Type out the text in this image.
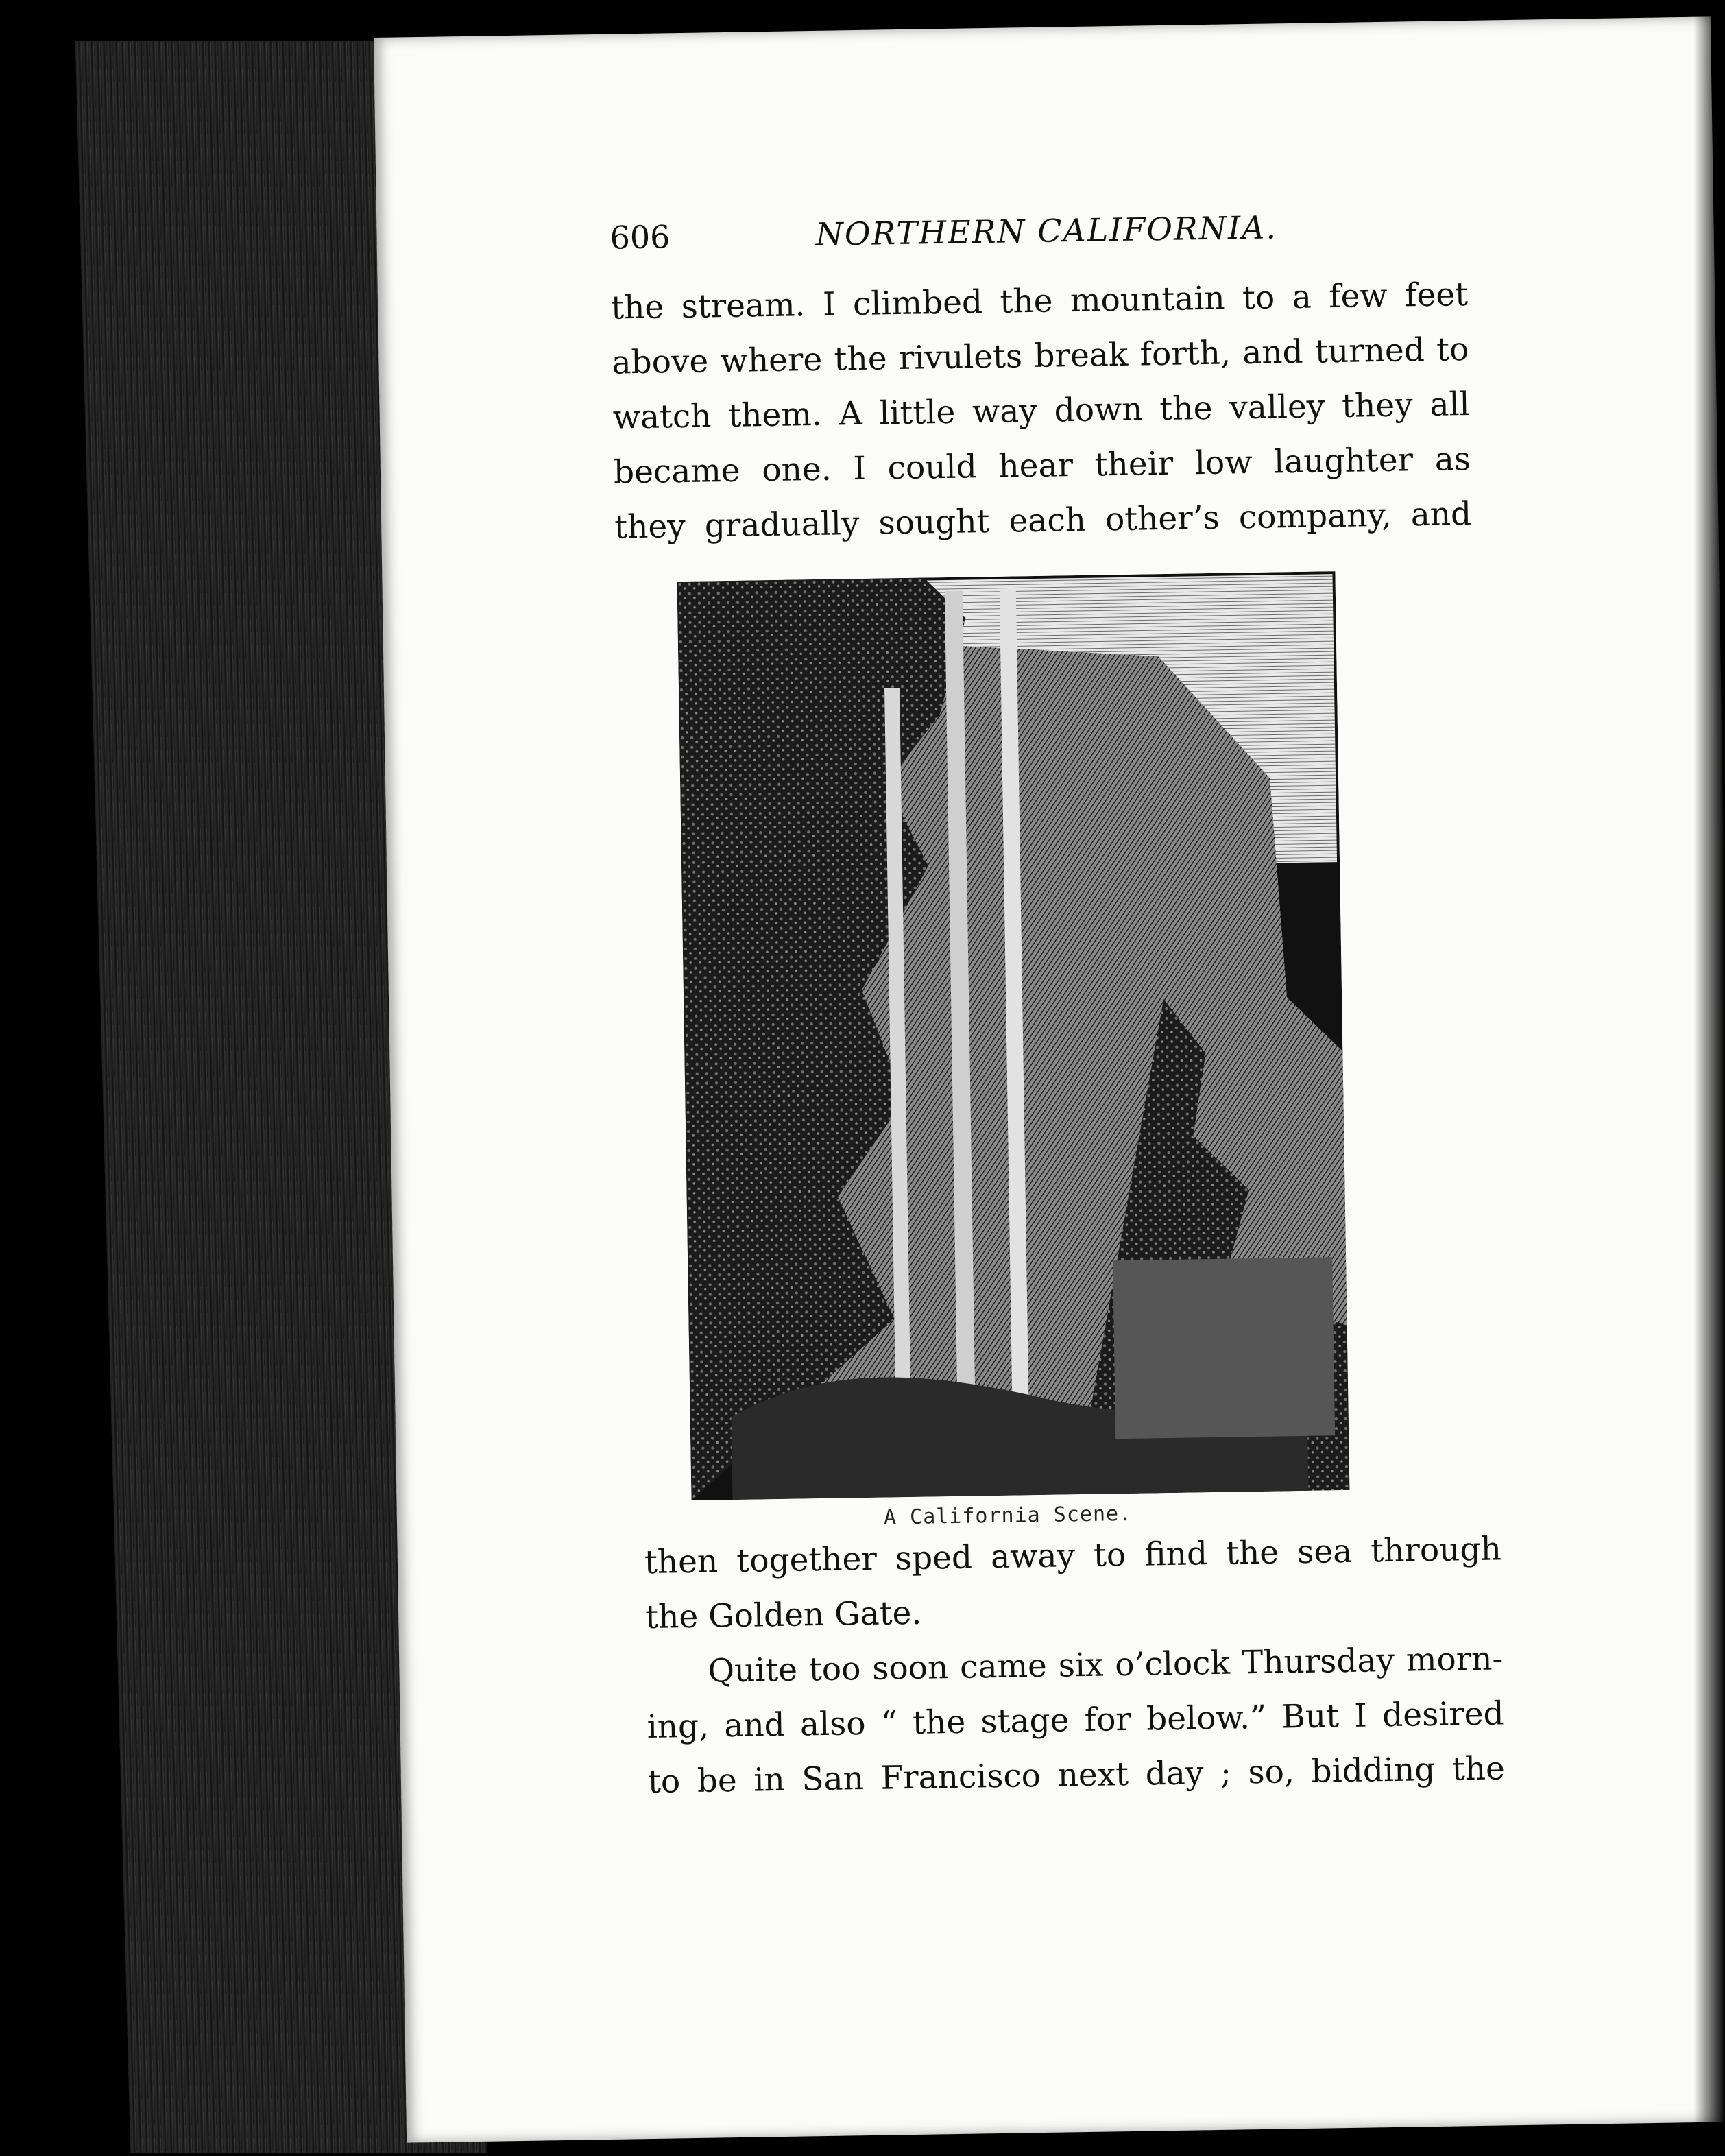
606	NORTHERN CALIFORNIA.
the stream. I climbed the mountain to a few feet
above where the rivulets break forth, and turned to
watch them. A little way down the valley they all
became one. I could hear their low laughter as
they gradually sought each other’s company, and
A California Scene.
then together sped away to find the sea through
the Golden Gate.
Quite too soon came six o’clock Thursday morn-
ing, and also “ the stage for below.” But I desired
to be in San Francisco next day ; so, bidding the
